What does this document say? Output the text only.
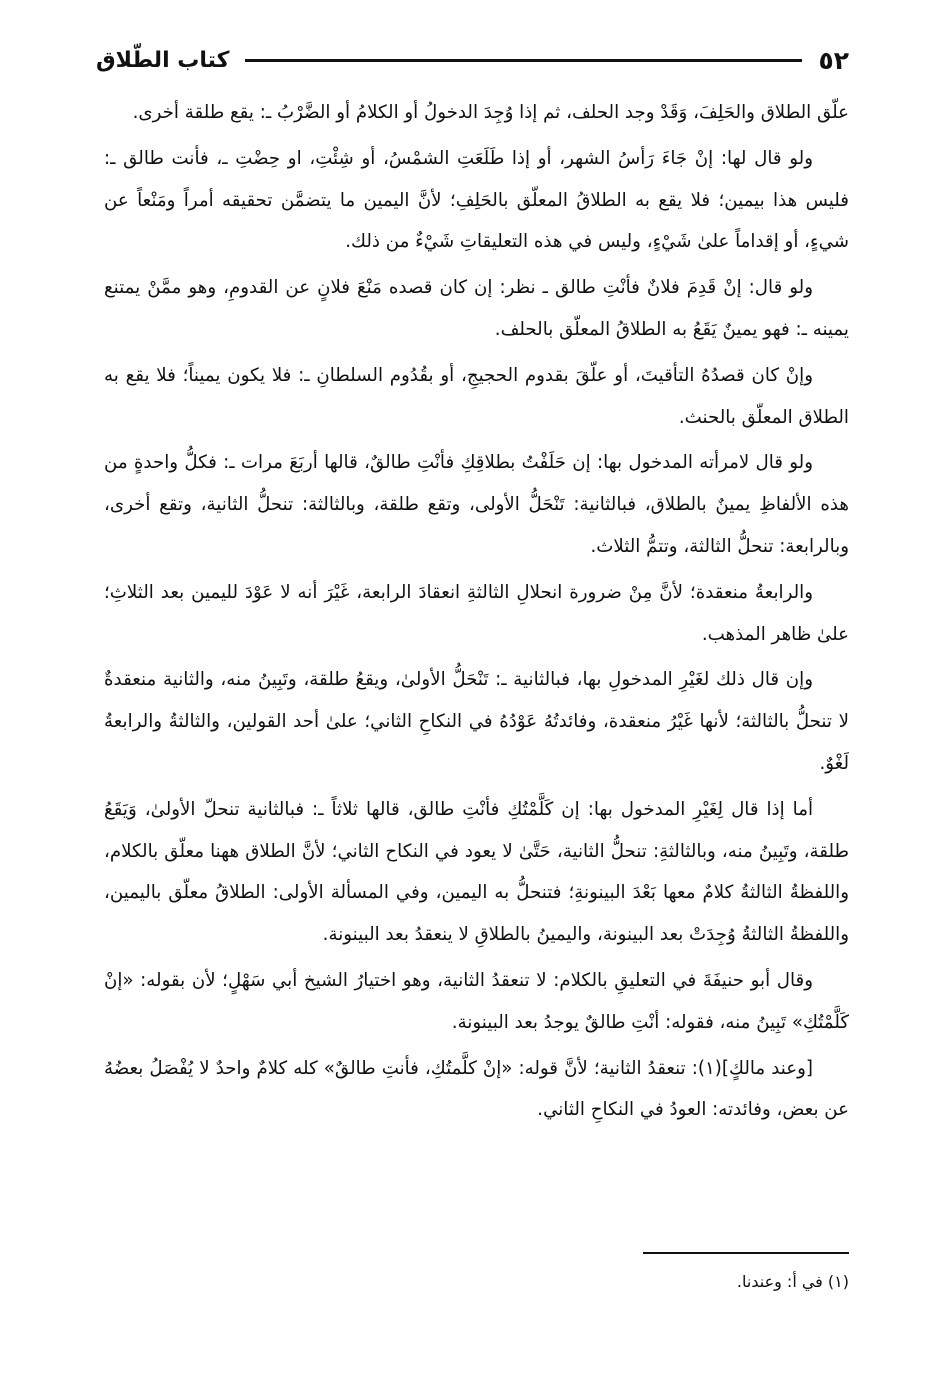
٥٢
كتاب الطّلاق

علّق الطلاق والحَلِفَ، وَقَدْ وجد الحلف، ثم إذا وُجِدَ الدخولُ أو الكلامُ أو الضَّرْبُ ـ: يقع طلقة أخرى.

ولو قال لها: إنْ جَاءَ رَأسُ الشهر، أو إذا طَلَعَتِ الشمْسُ، أو شِئْتِ، او حِضْتِ ـ، فأنت طالق ـ: فليس هذا بيمين؛ فلا يقع به الطلاقُ المعلّق بالحَلِفِ؛ لأنَّ اليمين ما يتضمَّن تحقيقه أمراً ومَنْعاً عن شيءٍ، أو إقداماً علىٰ شَيْءٍ، وليس في هذه التعليقاتِ شَيْءٌ من ذلك.

ولو قال: إنْ قَدِمَ فلانٌ فأنْتِ طالق ـ نظر: إن كان قصده مَنْعَ فلانٍ عن القدومِ، وهو ممَّنْ يمتنع يمينه ـ: فهو يمينٌ يَقَعُ به الطلاقُ المعلّق بالحلف.

وإنْ كان قصدُهُ التأقيتَ، أو علّقَ بقدوم الحجيجِ، أو بقُدُوم السلطانِ ـ: فلا يكون يميناً؛ فلا يقع به الطلاق المعلّق بالحنث.

ولو قال لامرأته المدخول بها: إن حَلَفْتُ بطلاقِكِ فأنْتِ طالقٌ، قالها أربَعَ مرات ـ: فكلُّ واحدةٍ من هذه الألفاظِ يمينٌ بالطلاق، فبالثانية: تَنْحَلُّ الأولى، وتقع طلقة، وبالثالثة: تنحلُّ الثانية، وتقع أخرى، وبالرابعة: تنحلُّ الثالثة، وتتمُّ الثلاث.

والرابعةُ منعقدة؛ لأنَّ مِنْ ضرورة انحلالِ الثالثةِ انعقادَ الرابعة، غَيْرَ أنه لا عَوْدَ لليمين بعد الثلاثِ؛ علىٰ ظاهر المذهب.

وإن قال ذلك لغَيْرِ المدخولِ بها، فبالثانية ـ: تَنْحَلُّ الأولىٰ، ويقعُ طلقة، وتَبِينُ منه، والثانية منعقدةٌ لا تنحلُّ بالثالثة؛ لأنها غَيْرُ منعقدة، وفائدتُهُ عَوْدُهُ في النكاحِ الثاني؛ علىٰ أحد القولين، والثالثةُ والرابعةُ لَغْوٌ.

أما إذا قال لِغَيْرِ المدخول بها: إن كَلَّمْتُكِ فأنْتِ طالق، قالها ثلاثاً ـ: فبالثانية تنحلّ الأولىٰ، وَيَقَعُ طلقة، وتَبِينُ منه، وبالثالثةِ: تنحلُّ الثانية، حَتَّىٰ لا يعود في النكاح الثاني؛ لأنَّ الطلاق ههنا معلّق بالكلام، واللفظةُ الثالثةُ كلامٌ معها بَعْدَ البينونةِ؛ فتنحلُّ به اليمين، وفي المسألة الأولى: الطلاقُ معلّق باليمين، واللفظةُ الثالثةُ وُجِدَتْ بعد البينونة، واليمينُ بالطلاقِ لا ينعقدُ بعد البينونة.

وقال أبو حنيفَةَ في التعليقِ بالكلام: لا تنعقدُ الثانية، وهو اختيارُ الشيخ أبي سَهْلٍ؛ لأن بقوله: «إنْ كَلَّمْتُكِ» تَبِينُ منه، فقوله: أنْتِ طالقٌ يوجدُ بعد البينونة.

[وعند مالكٍ](١): تنعقدُ الثانية؛ لأنَّ قوله: «إنْ كلَّمتُكِ، فأنتِ طالقٌ» كله كلامٌ واحدٌ لا يُفْصَلُ بعضُهُ عن بعض، وفائدته: العودُ في النكاحِ الثاني.

(١) في أ: وعندنا.
